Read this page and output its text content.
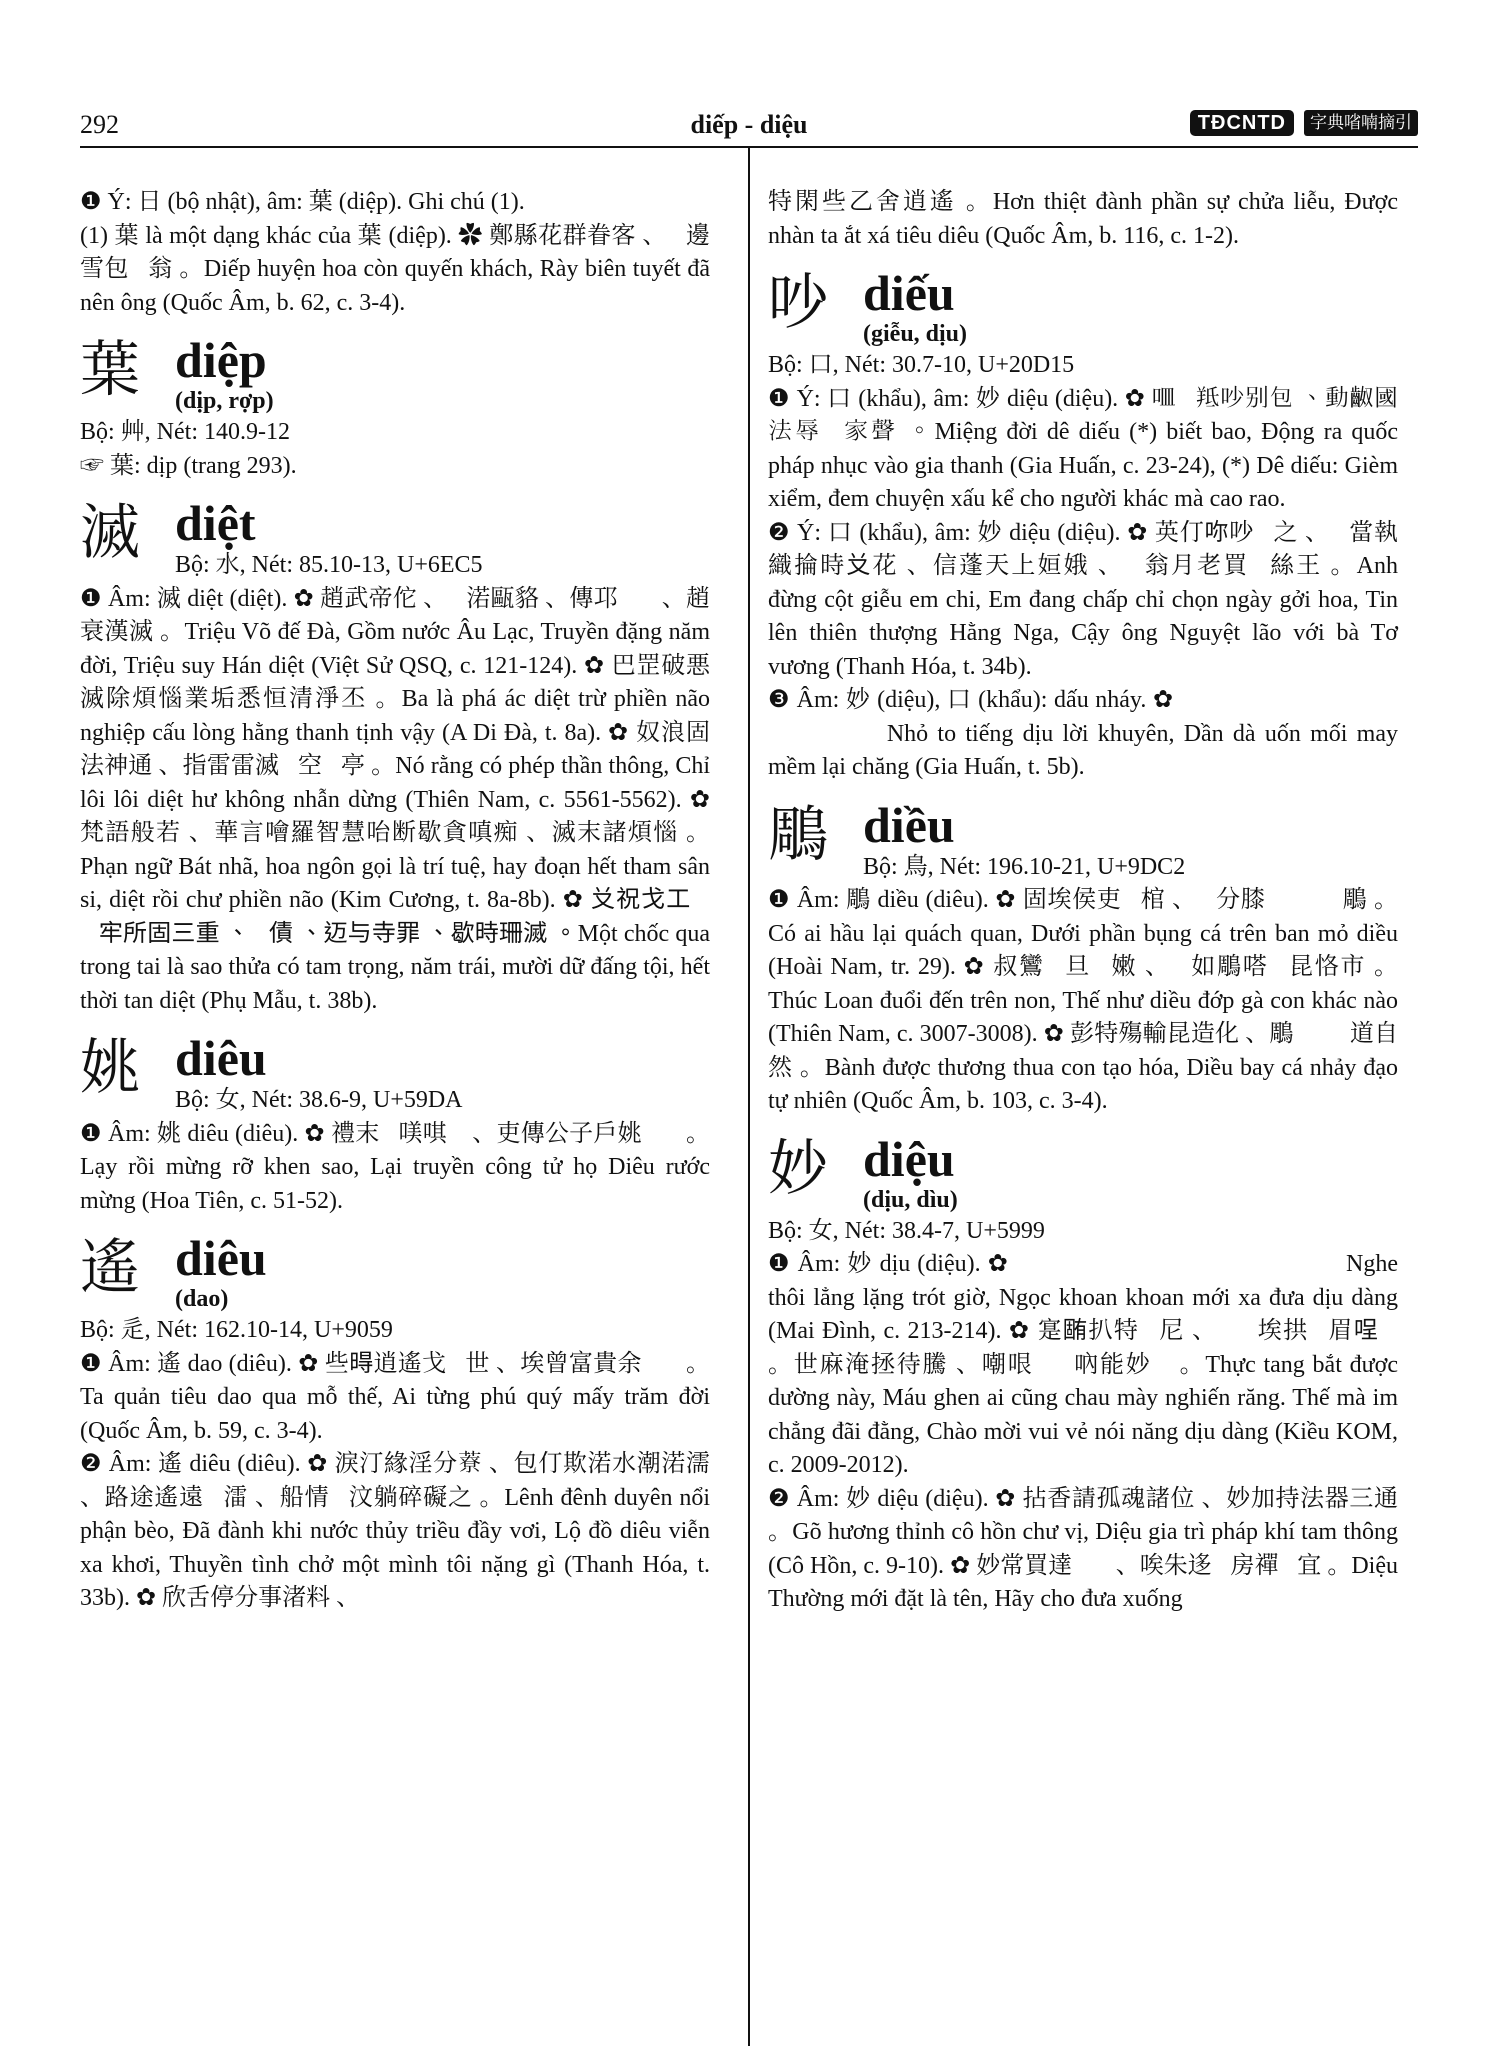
292	diếp - diệu	TĐCNTD	字典㗂喃摘引

❶ Ý: 日 (bộ nhật), âm: 葉 (diệp). Ghi chú (1).

(1) 葉 là một dạng khác của 葉 (diệp). ✿ 鄭縣花群眷客 、𠃣邊雪包𢓃翁 。Diếp huyện hoa còn quyến khách, Rày biên tuyết đã nên ông (Quốc Âm, b. 62, c. 3-4).

葉 diệp
(dịp, rợp)

Bộ: 艸, Nét: 140.9-12

☞ 葉: dịp (trang 293).

滅 diệt
Bộ: 水, Nét: 85.10-13, U+6EC5

❶ Âm: 滅 diệt (diệt). ✿ 趙武帝佗 、𨁪渃甌貉 、傳邛𦋦𦹵 、趙衰漢滅 。Triệu Võ đế Đà, Gồm nước Âu Lạc, Truyền đặng năm đời, Triệu suy Hán diệt (Việt Sử QSQ, c. 121-124). ✿ 巴罡破悪滅除煩惱業垢悉恒清淨丕 。Ba là phá ác diệt trừ phiền não nghiệp cấu lòng hằng thanh tịnh vậy (A Di Đà, t. 8a). ✿ 奴浪固法神通 、指雷雷滅𡗶空𢬣亭 。Nó rằng có phép thần thông, Chỉ lôi lôi diệt hư không nhẫn dừng (Thiên Nam, c. 5561-5562). ✿ 梵語般若 、華言噲羅智慧咍断歇貪嗔痴 、滅末諸煩惱 。Phạn ngữ Bát nhã, hoa ngôn gọi là trí tuệ, hay đoạn hết tham sân si, diệt rồi chư phiền não (Kim Cương, t. 8a-8b). ✿ 𠬠祝戈工𦖻𠘯牢所固三重 、𢀨債 、迈与寺罪 、歇時珊滅 。Một chốc qua trong tai là sao thửa có tam trọng, năm trái, mười dữ đấng tội, hết thời tan diệt (Phụ Mẫu, t. 38b).

姚 diêu
Bộ: 女, Nét: 38.6-9, U+59DA

❶ Âm: 姚 diêu (diêu). ✿ 禮末𢜠𠸍唭𢭗 、吏傳公子戶姚𨕭𢜠 。Lạy rồi mừng rỡ khen sao, Lại truyền công tử họ Diêu rước mừng (Hoa Tiên, c. 51-52).

遙 diêu
(dao)

Bộ: 辵, Nét: 162.10-14, U+9059

❶ Âm: 遙 dao (diêu). ✿ 些𣈜逍遙戈𠔮世 、埃曾富貴余𣰛𦹵 。Ta quản tiêu dao qua mỗ thế, Ai từng phú quý mấy trăm đời (Quốc Âm, b. 59, c. 3-4).

❷ Âm: 遙 diêu (diêu). ✿ 淚汀緣淫分𦼔 、包仃欺渃水潮渃濡 、路途遙遠𣩂㵢 、船情𨀈汶躺碎礙之 。Lênh đênh duyên nổi phận bèo, Đã đành khi nước thủy triều đầy vơi, Lộ đồ diêu viễn xa khơi, Thuyền tình chở một mình tôi nặng gì (Thanh Hóa, t. 33b). ✿ 欣舌停分事渚料 、

特閑些乙舍逍遙 。Hơn thiệt đành phần sự chửa liễu, Được nhàn ta ắt xá tiêu diêu (Quốc Âm, b. 116, c. 1-2).

吵 diếu
(giễu, dịu)

Bộ: 口, Nét: 30.7-10, U+20D15

❶ Ý: 口 (khẩu), âm: 妙 diệu (diệu). ✿ 𠰘𦹵羝吵别包 、動𪗵國法辱𢗼家聲 。Miệng đời dê diếu (*) biết bao, Động ra quốc pháp nhục vào gia thanh (Gia Huấn, c. 23-24), (*) Dê diếu: Gièm xiểm, đem chuyện xấu kể cho người khác mà cao rao.

❷ Ý: 口 (khẩu), âm: 妙 diệu (diệu). ✿ 英仃𠰚吵𡛔之 、𡛔當執織掄時𠬠花 、信蓬天上姮娥 、𢭂翁月老買𡢐絲王 。Anh đừng cột giễu em chi, Em đang chấp chỉ chọn ngày gởi hoa, Tin lên thiên thượng Hằng Nga, Cậy ông Nguyệt lão với bà Tơ vương (Thanh Hóa, t. 34b).

❸ Âm: 妙 (diệu), 口 (khẩu): dấu nháy. ✿ 𡮈𦻵哨吵唓圈 、寅𦑃捥買𡢐𦇉吏庄 。Nhỏ to tiếng dịu lời khuyên, Dần dà uốn mối may mềm lại chăng (Gia Huấn, t. 5b).

鵰 diều
Bộ: 鳥, Nét: 196.10-21, U+9DC2

❶ Âm: 鵰 diều (diêu). ✿ 固埃侯吏𣘃棺 、𠁑分膝𩵜𨓢𠓨𣘃鵰 。Có ai hầu lại quách quan, Dưới phần bụng cá trên ban mỏ diều (Hoài Nam, tr. 29). ✿ 叔鸞𨆷旦𡶀嫩 、𠱊如鵰嗒𪃿昆恪市 。Thúc Loan đuổi đến trên non, Thế như diều đớp gà con khác nào (Thiên Nam, c. 3007-3008). ✿ 彭特殤輸昆造化 、鵰𨀈𩵜𨁪道自然 。Bành được thương thua con tạo hóa, Diều bay cá nhảy đạo tự nhiên (Quốc Âm, b. 103, c. 3-4).

妙 diệu
(dịu, dìu)

Bộ: 女, Nét: 38.4-7, U+5999

❶ Âm: 妙 dịu (diệu). ✿ 𦖑催朗朗𤯩徐 、玉寬寬買賒迻妙𠰉 。Nghe thôi lẳng lặng trót giờ, Ngọc khoan khoan mới xa đưa dịu dàng (Mai Đình, c. 213-214). ✿ 寔𣎏扒特𧡊尼 、𢀨𢜗埃拱𦎛眉𠴔𪘵 。世麻淹拯待騰 、嘲哏𢥈𡂑吶能妙𢭂 。Thực tang bắt được dường này, Máu ghen ai cũng chau mày nghiến răng. Thế mà im chẳng đãi đằng, Chào mời vui vẻ nói năng dịu dàng (Kiều KOM, c. 2009-2012).

❷ Âm: 妙 diệu (diệu). ✿ 拈香請孤魂諸位 、妙加持法器三通 。Gõ hương thỉnh cô hồn chư vị, Diệu gia trì pháp khí tam thông (Cô Hồn, c. 9-10). ✿ 妙常買達𠸛𢭗 、唉朱迻𥨨房禪𢘾宜 。Diệu Thường mới đặt là tên, Hãy cho đưa xuống
